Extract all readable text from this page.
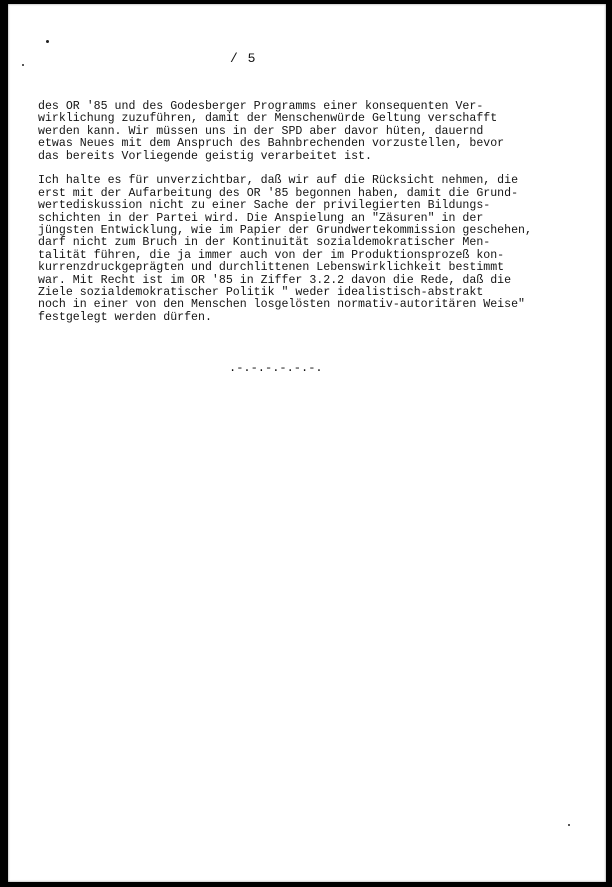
/ 5
des OR '85 und des Godesberger Programms einer konsequenten Ver-
wirklichung zuzuführen, damit der Menschenwürde Geltung verschafft
werden kann. Wir müssen uns in der SPD aber davor hüten, dauernd
etwas Neues mit dem Anspruch des Bahnbrechenden vorzustellen, bevor
das bereits Vorliegende geistig verarbeitet ist.
Ich halte es für unverzichtbar, daß wir auf die Rücksicht nehmen, die
erst mit der Aufarbeitung des OR '85 begonnen haben, damit die Grund-
wertediskussion nicht zu einer Sache der privilegierten Bildungs-
schichten in der Partei wird. Die Anspielung an "Zäsuren" in der
jüngsten Entwicklung, wie im Papier der Grundwertekommission geschehen,
darf nicht zum Bruch in der Kontinuität sozialdemokratischer Men-
talität führen, die ja immer auch von der im Produktionsprozeß kon-
kurrenzdruckgeprägten und durchlittenen Lebenswirklichkeit bestimmt
war. Mit Recht ist im OR '85 in Ziffer 3.2.2 davon die Rede, daß die
Ziele sozialdemokratischer Politik " weder idealistisch-abstrakt
noch in einer von den Menschen losgelösten normativ-autoritären Weise"
festgelegt werden dürfen.
.-.-.-.-.-.-.
